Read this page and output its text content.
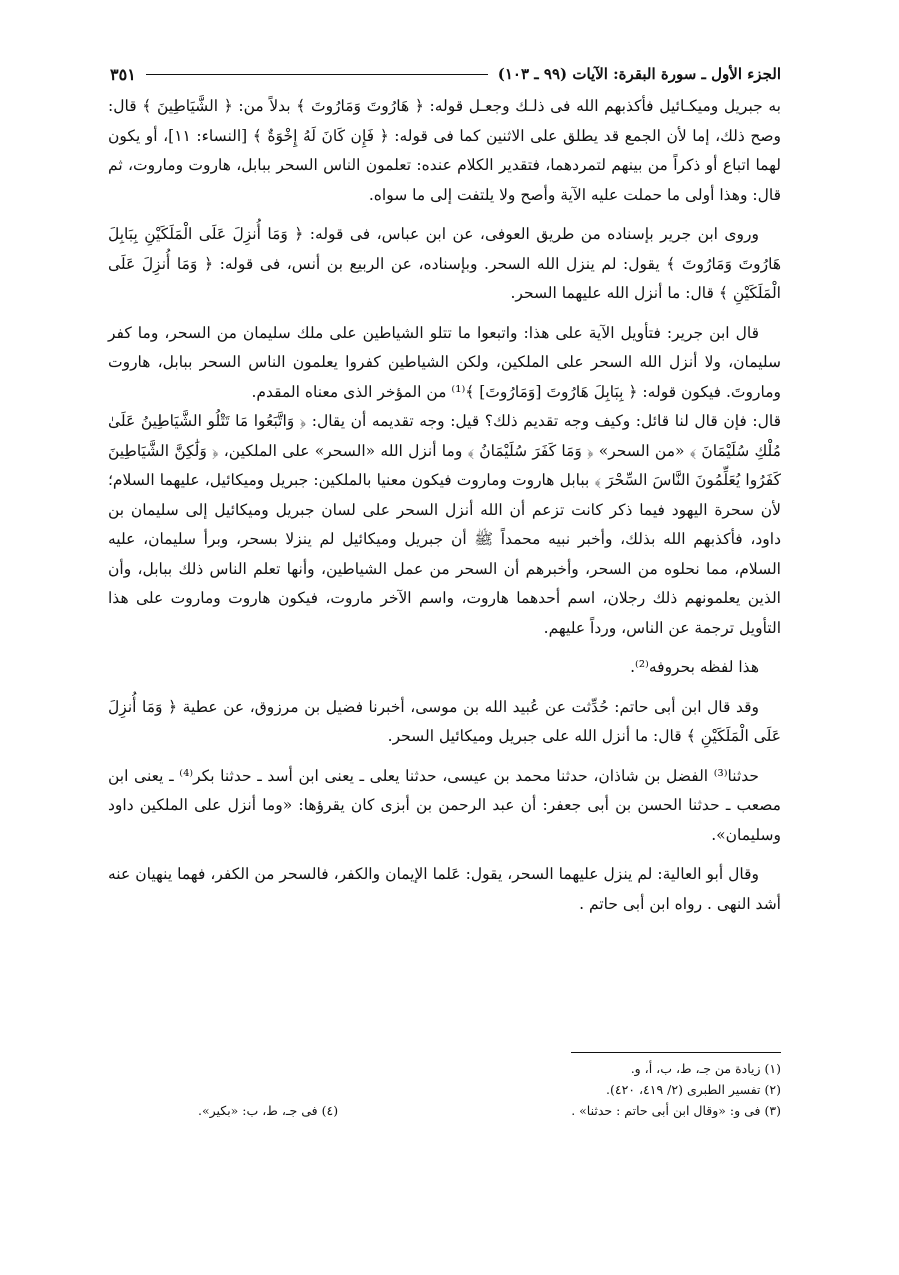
الجزء الأول ـ سورة البقرة: الآيات (٩٩ ـ ١٠٣)
٣٥١

به جبريل وميكـائيل فأكذبهم الله فى ذلـك وجعـل قوله: ﴿ هَارُوتَ وَمَارُوتَ ﴾ بدلاً من: ﴿ الشَّيَاطِينَ ﴾ قال: وصح ذلك، إما لأن الجمع قد يطلق على الاثنين كما فى قوله: ﴿ فَإِن كَانَ لَهُ إِخْوَةٌ ﴾ [النساء: ١١]، أو يكون لهما اتباع أو ذكراً من بينهم لتمردهما، فتقدير الكلام عنده: تعلمون الناس السحر ببابل، هاروت وماروت، ثم قال: وهذا أولى ما حملت عليه الآية وأصح ولا يلتفت إلى ما سواه.

وروى ابن جرير بإسناده من طريق العوفى، عن ابن عباس، فى قوله: ﴿ وَمَا أُنزِلَ عَلَى الْمَلَكَيْنِ بِبَابِلَ هَارُوتَ وَمَارُوتَ ﴾ يقول: لم ينزل الله السحر. وبإسناده، عن الربيع بن أنس، فى قوله: ﴿ وَمَا أُنزِلَ عَلَى الْمَلَكَيْنِ ﴾ قال: ما أنزل الله عليهما السحر.

قال ابن جرير: فتأويل الآية على هذا: واتبعوا ما تتلو الشياطين على ملك سليمان من السحر، وما كفر سليمان، ولا أنزل الله السحر على الملكين، ولكن الشياطين كفروا يعلمون الناس السحر ببابل، هاروت وماروتَ. فيكون قوله: ﴿ بِبَابِلَ هَارُوتَ [وَمَارُوتَ] ﴾⁽¹⁾ من المؤخر الذى معناه المقدم.

قال: فإن قال لنا قائل: وكيف وجه تقديم ذلك؟ قيل: وجه تقديمه أن يقال: ﴿ وَاتَّبَعُوا مَا تَتْلُو الشَّيَاطِينُ عَلَىٰ مُلْكِ سُلَيْمَانَ ﴾ «من السحر» ﴿ وَمَا كَفَرَ سُلَيْمَانُ ﴾ وما أنزل الله «السحر» على الملكين، ﴿ وَلَٰكِنَّ الشَّيَاطِينَ كَفَرُوا يُعَلِّمُونَ النَّاسَ السِّحْرَ ﴾ ببابل هاروت وماروت فيكون معنيا بالملكين: جبريل وميكائيل، عليهما السلام؛ لأن سحرة اليهود فيما ذكر كانت تزعم أن الله أنزل السحر على لسان جبريل وميكائيل إلى سليمان بن داود، فأكذبهم الله بذلك، وأخبر نبيه محمداً ﷺ أن جبريل وميكائيل لم ينزلا بسحر، وبرأ سليمان، عليه السلام، مما نحلوه من السحر، وأخبرهم أن السحر من عمل الشياطين، وأنها تعلم الناس ذلك ببابل، وأن الذين يعلمونهم ذلك رجلان، اسم أحدهما هاروت، واسم الآخر ماروت، فيكون هاروت وماروت على هذا التأويل ترجمة عن الناس، ورداً عليهم.

هذا لفظه بحروفه⁽²⁾.

وقد قال ابن أبى حاتم: حُدِّثت عن عُبيد الله بن موسى، أخبرنا فضيل بن مرزوق، عن عطية ﴿ وَمَا أُنزِلَ عَلَى الْمَلَكَيْنِ ﴾ قال: ما أنزل الله على جبريل وميكائيل السحر.

حدثنا⁽³⁾ الفضل بن شاذان، حدثنا محمد بن عيسى، حدثنا يعلى ـ يعنى ابن أسد ـ حدثنا بكر⁽⁴⁾ ـ يعنى ابن مصعب ـ حدثنا الحسن بن أبى جعفر: أن عبد الرحمن بن أبزى كان يقرؤها: «وما أنزل على الملكين داود وسليمان».

وقال أبو العالية: لم ينزل عليهما السحر، يقول: عَلما الإيمان والكفر، فالسحر من الكفر، فهما ينهيان عنه أشد النهى . رواه ابن أبى حاتم .

(١) زيادة من جـ، ط، ب، أ، و.
(٢) تفسير الطبرى (٢/ ٤١٩، ٤٢٠).
(٣) فى و: «وقال ابن أبى حاتم : حدثنا» .
(٤) فى جـ، ط، ب: «بكير».
